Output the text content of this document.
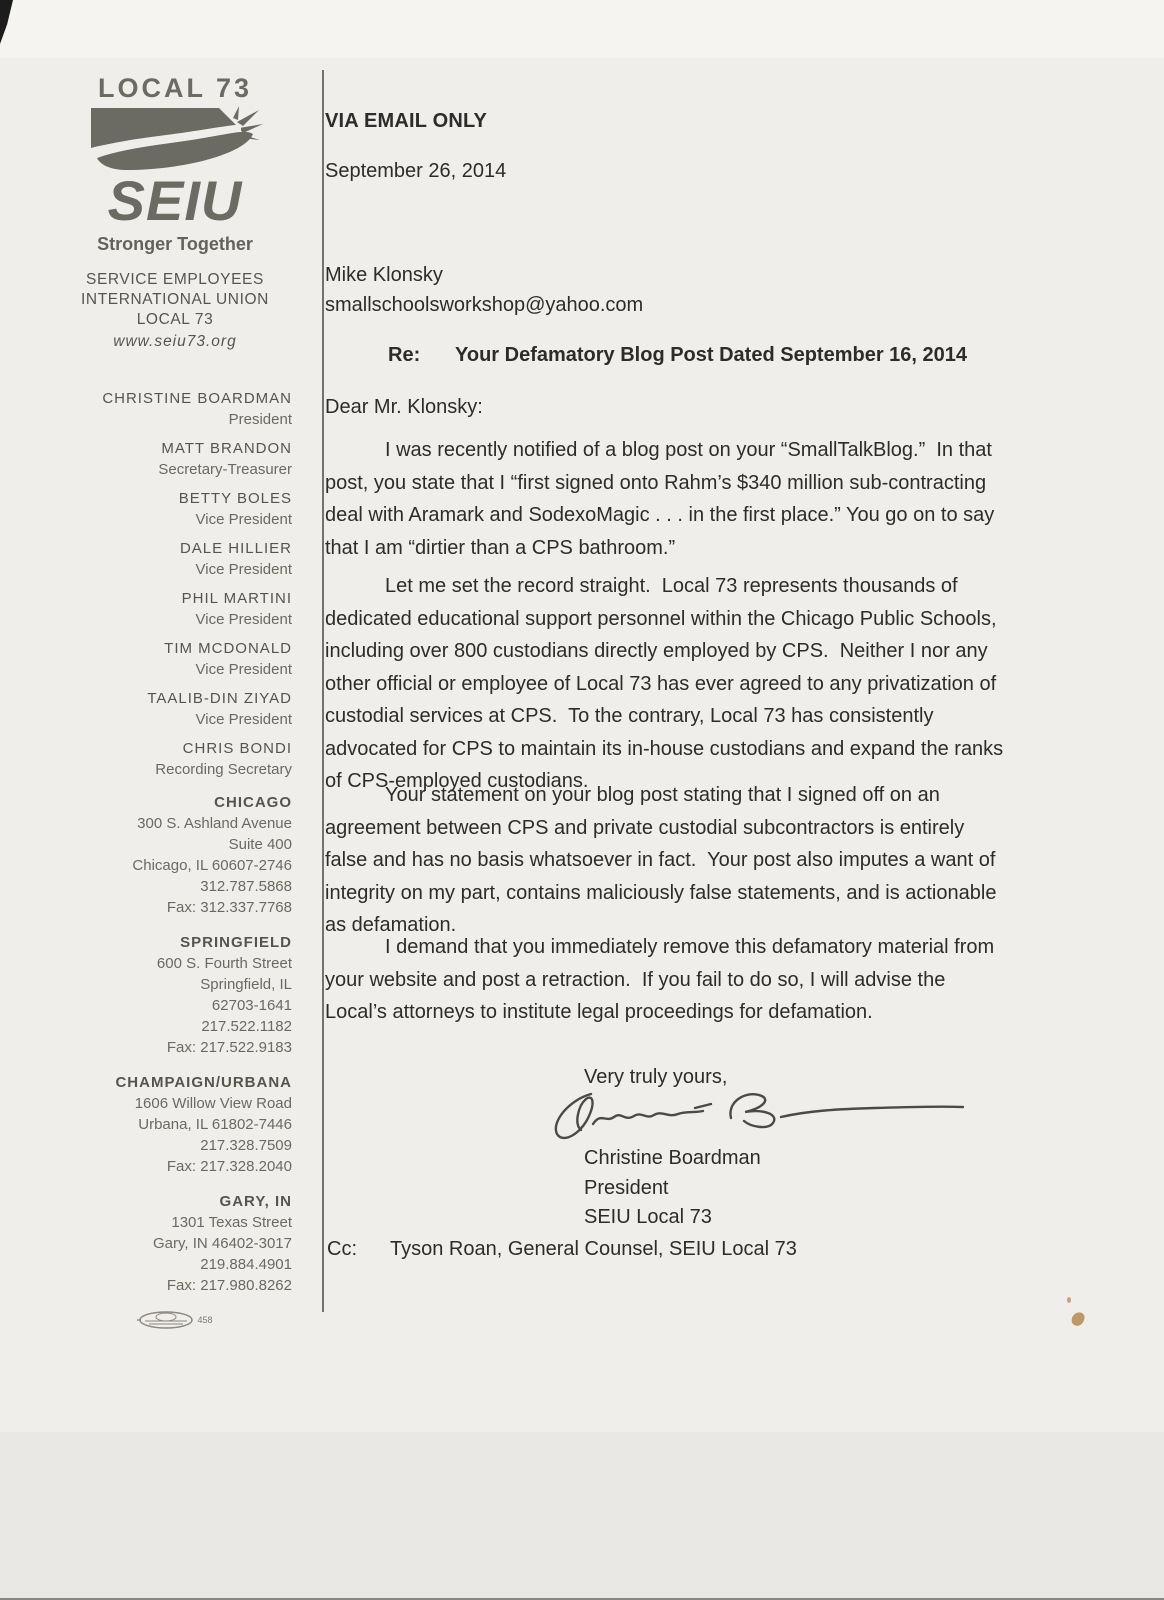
LOCAL 73
SEIU
Stronger Together
SERVICE EMPLOYEES
INTERNATIONAL UNION
LOCAL 73
www.seiu73.org
CHRISTINE BOARDMAN
President
MATT BRANDON
Secretary-Treasurer
BETTY BOLES
Vice President
DALE HILLIER
Vice President
PHIL MARTINI
Vice President
TIM MCDONALD
Vice President
TAALIB-DIN ZIYAD
Vice President
CHRIS BONDI
Recording Secretary
CHICAGO
300 S. Ashland Avenue
Suite 400
Chicago, IL 60607-2746
312.787.5868
Fax: 312.337.7768
SPRINGFIELD
600 S. Fourth Street
Springfield, IL
62703-1641
217.522.1182
Fax: 217.522.9183
CHAMPAIGN/URBANA
1606 Willow View Road
Urbana, IL 61802-7446
217.328.7509
Fax: 217.328.2040
GARY, IN
1301 Texas Street
Gary, IN 46402-3017
219.884.4901
Fax: 217.980.8262
458
VIA EMAIL ONLY
September 26, 2014
Mike Klonsky
smallschoolsworkshop@yahoo.com
Re: Your Defamatory Blog Post Dated September 16, 2014
Dear Mr. Klonsky:
I was recently notified of a blog post on your “SmallTalkBlog.”  In that post, you state that I “first signed onto Rahm’s $340 million sub-contracting deal with Aramark and SodexoMagic . . . in the first place.” You go on to say that I am “dirtier than a CPS bathroom.”
Let me set the record straight.  Local 73 represents thousands of dedicated educational support personnel within the Chicago Public Schools, including over 800 custodians directly employed by CPS.  Neither I nor any other official or employee of Local 73 has ever agreed to any privatization of custodial services at CPS.  To the contrary, Local 73 has consistently advocated for CPS to maintain its in-house custodians and expand the ranks of CPS-employed custodians.
Your statement on your blog post stating that I signed off on an agreement between CPS and private custodial subcontractors is entirely false and has no basis whatsoever in fact.  Your post also imputes a want of integrity on my part, contains maliciously false statements, and is actionable as defamation.
I demand that you immediately remove this defamatory material from your website and post a retraction.  If you fail to do so, I will advise the Local’s attorneys to institute legal proceedings for defamation.
Very truly yours,
Christine Boardman
President
SEIU Local 73
Cc: Tyson Roan, General Counsel, SEIU Local 73
